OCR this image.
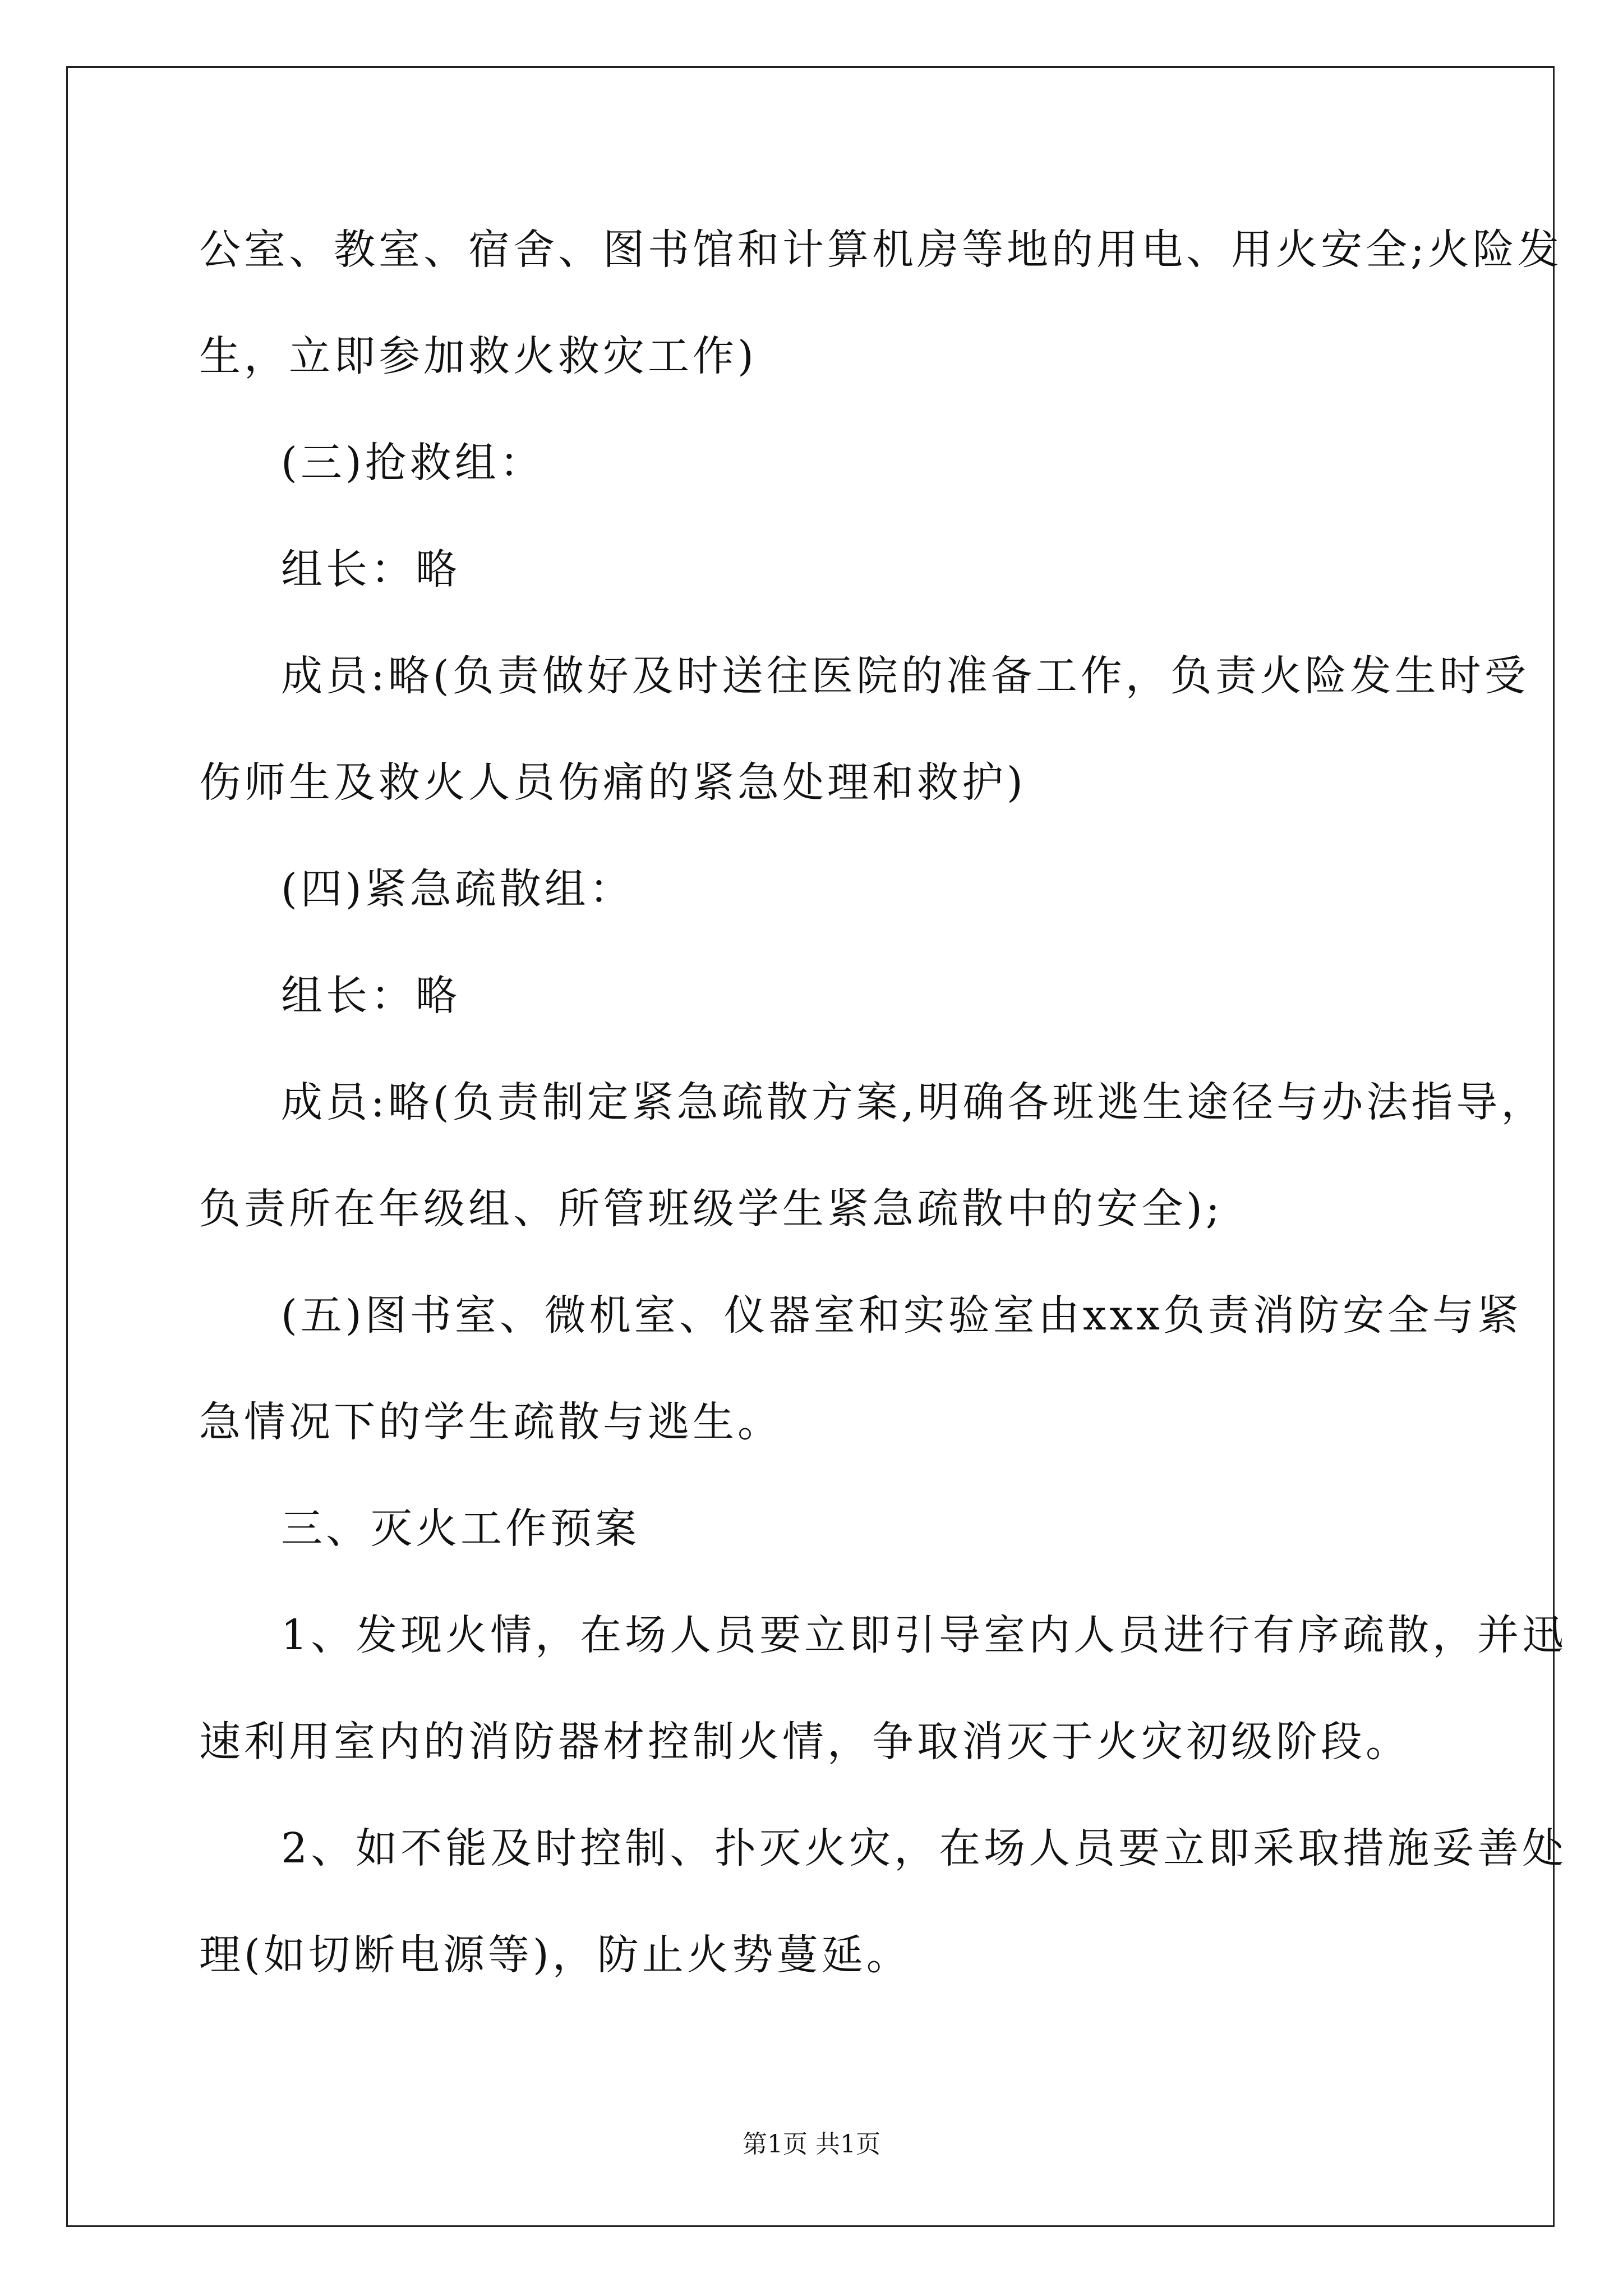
公室、教室、宿舍、图书馆和计算机房等地的用电、用火安全;火险发
生，立即参加救火救灾工作)
(三)抢救组：
组长：略
成员:略(负责做好及时送往医院的准备工作，负责火险发生时受
伤师生及救火人员伤痛的紧急处理和救护)
(四)紧急疏散组：
组长：略
成员:略(负责制定紧急疏散方案,明确各班逃生途径与办法指导，
负责所在年级组、所管班级学生紧急疏散中的安全);
(五)图书室、微机室、仪器室和实验室由xxx负责消防安全与紧
急情况下的学生疏散与逃生。
三、灭火工作预案
1、发现火情，在场人员要立即引导室内人员进行有序疏散，并迅
速利用室内的消防器材控制火情，争取消灭于火灾初级阶段。
2、如不能及时控制、扑灭火灾，在场人员要立即采取措施妥善处
理(如切断电源等)，防止火势蔓延。
第1页 共1页
